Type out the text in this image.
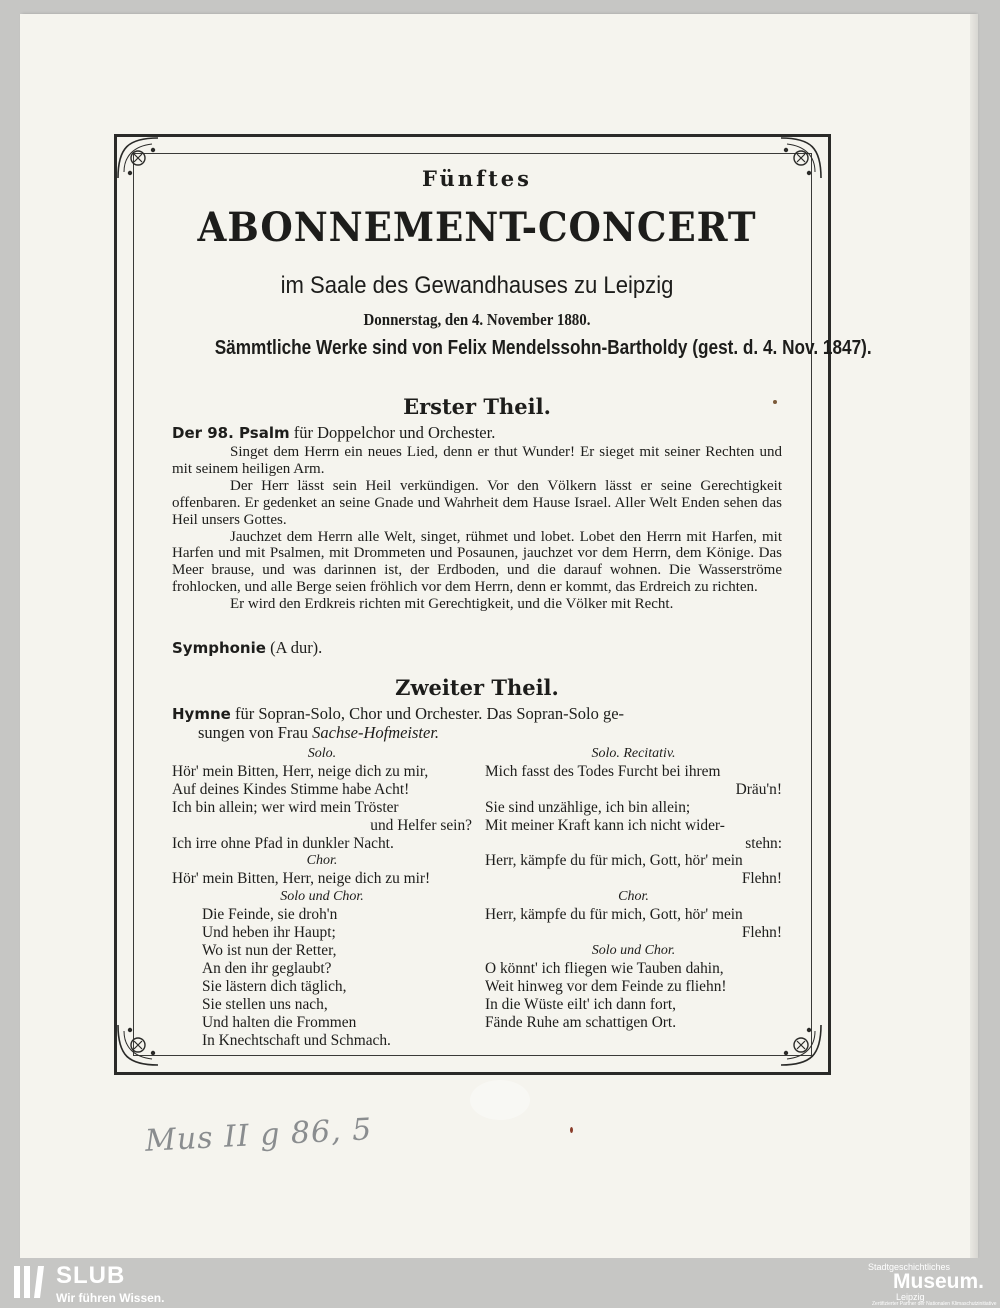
Fünftes
ABONNEMENT-CONCERT
im Saale des Gewandhauses zu Leipzig
Donnerstag, den 4. November 1880.
Sämmtliche Werke sind von Felix Mendelssohn-Bartholdy (gest. d. 4. Nov. 1847).
Erster Theil.
Der 98. Psalm für Doppelchor und Orchester.

Singet dem Herrn ein neues Lied, denn er thut Wunder! Er sieget mit seiner Rechten und mit seinem heiligen Arm.

Der Herr lässt sein Heil verkündigen. Vor den Völkern lässt er seine Gerechtigkeit offenbaren. Er gedenket an seine Gnade und Wahrheit dem Hause Israel. Aller Welt Enden sehen das Heil unsers Gottes.

Jauchzet dem Herrn alle Welt, singet, rühmet und lobet. Lobet den Herrn mit Harfen, mit Harfen und mit Psalmen, mit Drommeten und Posaunen, jauchzet vor dem Herrn, dem Könige. Das Meer brause, und was darinnen ist, der Erdboden, und die darauf wohnen. Die Wasserströme frohlocken, und alle Berge seien fröhlich vor dem Herrn, denn er kommt, das Erdreich zu richten.

Er wird den Erdkreis richten mit Gerechtigkeit, und die Völker mit Recht.

Symphonie (A dur).
Zweiter Theil.
Hymne für Sopran-Solo, Chor und Orchester. Das Sopran-Solo ge-
sungen von Frau Sachse-Hofmeister.
Solo.
Hör' mein Bitten, Herr, neige dich zu mir,
Auf deines Kindes Stimme habe Acht!
Ich bin allein; wer wird mein Tröster
und Helfer sein?
Ich irre ohne Pfad in dunkler Nacht.
Chor.
Hör' mein Bitten, Herr, neige dich zu mir!
Solo und Chor.
Die Feinde, sie droh'n
Und heben ihr Haupt;
Wo ist nun der Retter,
An den ihr geglaubt?
Sie lästern dich täglich,
Sie stellen uns nach,
Und halten die Frommen
In Knechtschaft und Schmach.
Solo. Recitativ.
Mich fasst des Todes Furcht bei ihrem
Dräu'n!
Sie sind unzählige, ich bin allein;
Mit meiner Kraft kann ich nicht wider-
stehn:
Herr, kämpfe du für mich, Gott, hör' mein
Flehn!
Chor.
Herr, kämpfe du für mich, Gott, hör' mein
Flehn!
Solo und Chor.
O könnt' ich fliegen wie Tauben dahin,
Weit hinweg vor dem Feinde zu fliehn!
In die Wüste eilt' ich dann fort,
Fände Ruhe am schattigen Ort.
Mus II g 86, 5
SLUB
Wir führen Wissen.
Stadtgeschichtliches
Museum.
Leipzig
Zertifizierter Partner der Nationalen Klimaschutzinitiative
